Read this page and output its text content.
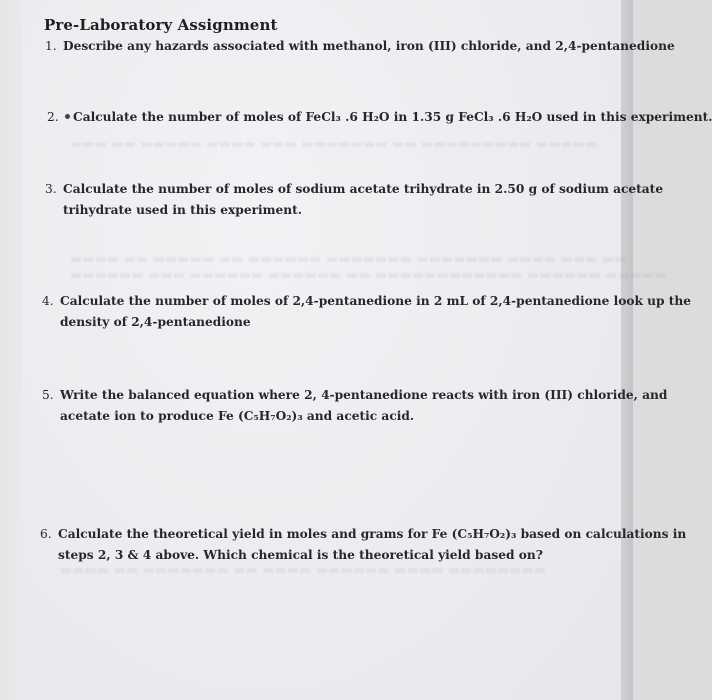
▬▬▬ ▬▬ ▬▬▬▬▬ ▬▬▬▬ ▬▬▬ ▬▬▬▬▬▬▬ ▬▬ ▬▬▬▬▬▬▬▬▬ ▬▬▬▬▬
▬▬▬▬ ▬▬ ▬▬▬▬▬ ▬▬ ▬▬▬▬▬▬ ▬▬▬▬▬▬▬ ▬▬▬▬▬▬▬ ▬▬▬▬ ▬▬▬ ▬▬
▬▬▬▬▬▬ ▬▬▬ ▬▬▬▬▬▬ ▬▬▬▬▬▬ ▬▬ ▬▬▬▬▬▬▬▬▬▬▬▬ ▬▬▬▬▬▬ ▬▬▬▬▬
▬▬▬▬ ▬▬ ▬▬▬▬▬▬▬ ▬▬ ▬▬▬▬ ▬▬▬▬▬▬ ▬▬▬▬ ▬▬▬▬▬▬▬▬
Pre-Laboratory Assignment
1. Describe any hazards associated with methanol, iron (III) chloride, and 2,4-pentanedione
2. Calculate the number of moles of FeCl₃ .6 H₂O in 1.35 g FeCl₃ .6 H₂O used in this experiment.
3. Calculate the number of moles of sodium acetate trihydrate in 2.50 g of sodium acetate
trihydrate used in this experiment.
4. Calculate the number of moles of 2,4-pentanedione in 2 mL of 2,4-pentanedione look up the
density of 2,4-pentanedione
5. Write the balanced equation where 2, 4-pentanedione reacts with iron (III) chloride, and
acetate ion to produce Fe (C₅H₇O₂)₃ and acetic acid.
6. Calculate the theoretical yield in moles and grams for Fe (C₅H₇O₂)₃ based on calculations in
steps 2, 3 & 4 above. Which chemical is the theoretical yield based on?
